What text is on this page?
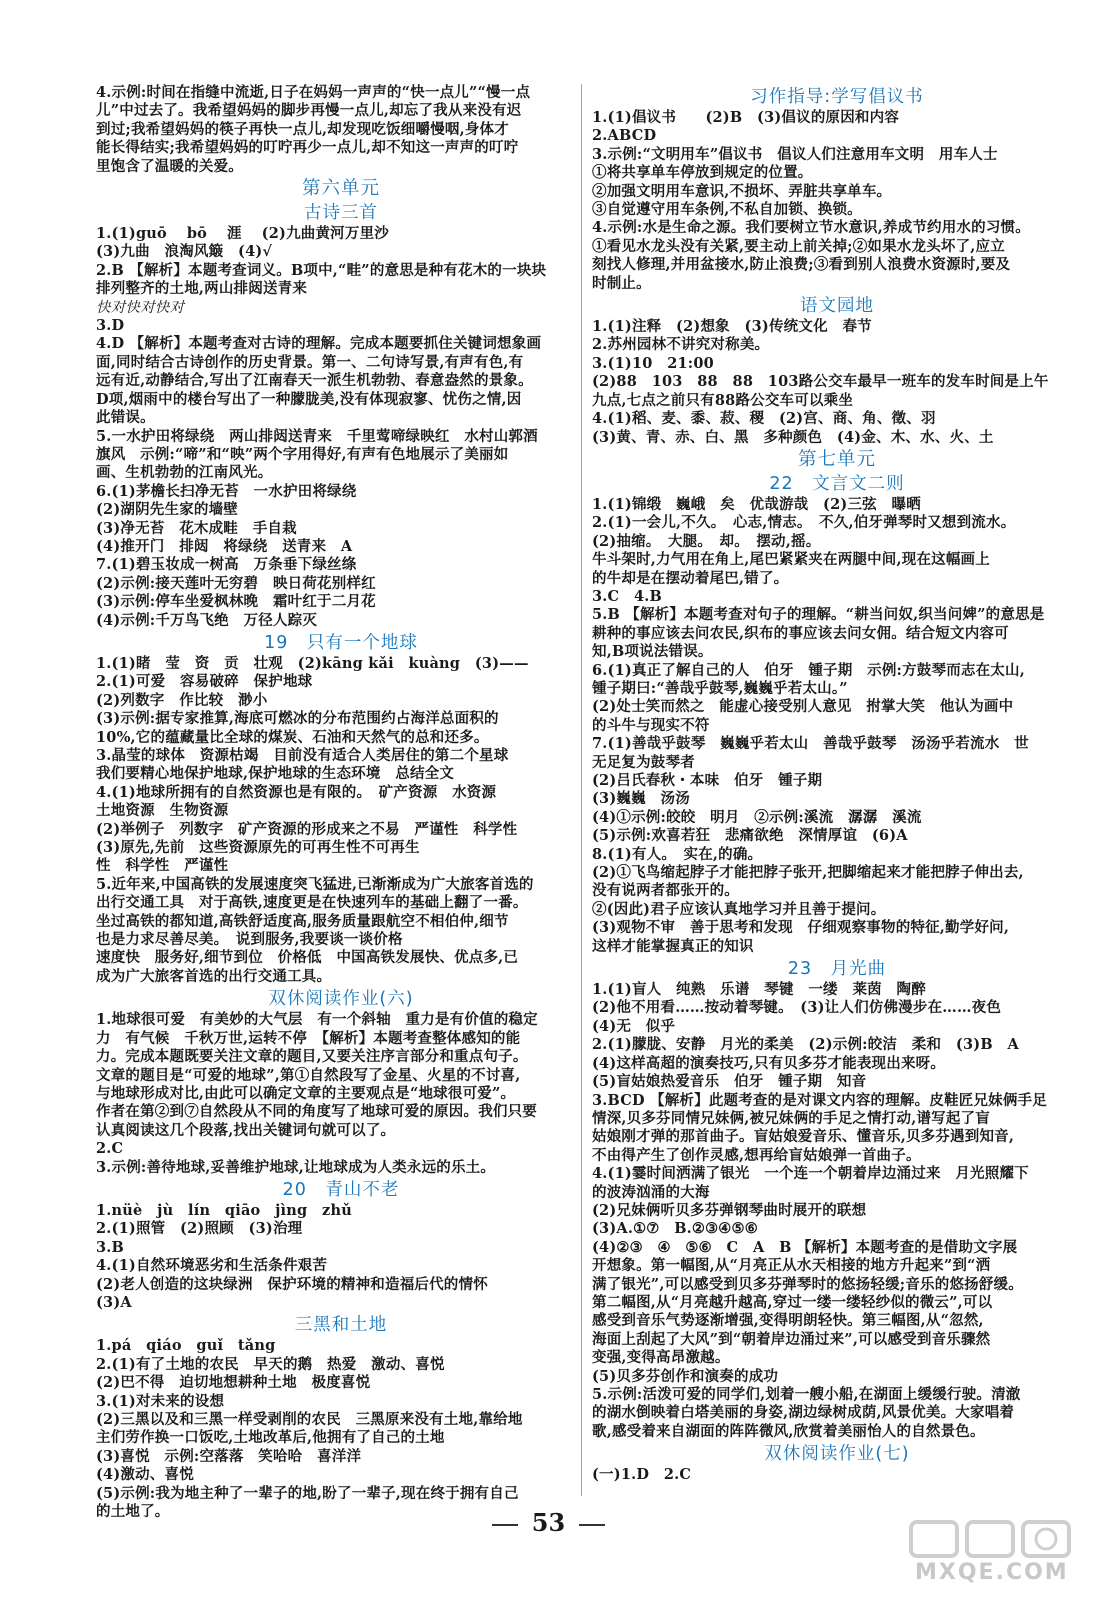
4.示例:时间在指缝中流逝,日子在妈妈一声声的“快一点儿”“慢一点
儿”中过去了。我希望妈妈的脚步再慢一点儿,却忘了我从来没有迟
到过;我希望妈妈的筷子再快一点儿,却发现吃饭细嚼慢咽,身体才
能长得结实;我希望妈妈的叮咛再少一点儿,却不知这一声声的叮咛
里饱含了温暖的关爱。
第六单元
古诗三首
1.(1)guō　 bō　 涯　 (2)九曲黄河万里沙
(3)九曲　浪淘风簸　(4)√
2.B 【解析】本题考查词义。B项中,“畦”的意思是种有花木的一块块
排列整齐的土地,两山排闼送青来
快对快对快对
3.D
4.D 【解析】本题考查对古诗的理解。完成本题要抓住关键词想象画
面,同时结合古诗创作的历史背景。第一、二句诗写景,有声有色,有
远有近,动静结合,写出了江南春天一派生机勃勃、春意盎然的景象。
D项,烟雨中的楼台写出了一种朦胧美,没有体现寂寥、忧伤之情,因
此错误。
5.一水护田将绿绕　两山排闼送青来　千里莺啼绿映红　水村山郭酒
旗风　示例:“啼”和“映”两个字用得好,有声有色地展示了美丽如
画、生机勃勃的江南风光。
6.(1)茅檐长扫净无苔　一水护田将绿绕
(2)湖阴先生家的墙壁
(3)净无苔　花木成畦　手自栽
(4)推开门　排闼　将绿绕　送青来　A
7.(1)碧玉妆成一树高　万条垂下绿丝绦
(2)示例:接天莲叶无穷碧　映日荷花别样红
(3)示例:停车坐爱枫林晚　霜叶红于二月花
(4)示例:千万鸟飞绝　万径人踪灭
19　只有一个地球
1.(1)睹　莹　资　贡　壮观　(2)kāng kǎi　kuàng　(3)——
2.(1)可爱　容易破碎　保护地球
(2)列数字　作比较　渺小
(3)示例:据专家推算,海底可燃冰的分布范围约占海洋总面积的
10%,它的蕴藏量比全球的煤炭、石油和天然气的总和还多。
3.晶莹的球体　资源枯竭　目前没有适合人类居住的第二个星球
我们要精心地保护地球,保护地球的生态环境　总结全文
4.(1)地球所拥有的自然资源也是有限的。　矿产资源　水资源
土地资源　生物资源
(2)举例子　列数字　矿产资源的形成来之不易　严谨性　科学性
(3)原先,先前　这些资源原先的可再生性不可再生
性　科学性　严谨性
5.近年来,中国高铁的发展速度突飞猛进,已渐渐成为广大旅客首选的
出行交通工具　对于高铁,速度更是在快速列车的基础上翻了一番。
坐过高铁的都知道,高铁舒适度高,服务质量跟航空不相伯仲,细节
也是力求尽善尽美。　说到服务,我要谈一谈价格
速度快　服务好,细节到位　价格低　中国高铁发展快、优点多,已
成为广大旅客首选的出行交通工具。
双休阅读作业(六)
1.地球很可爱　有美妙的大气层　有一个斜轴　重力是有价值的稳定
力　有气候　千秋万世,运转不停　【解析】本题考查整体感知的能
力。完成本题既要关注文章的题目,又要关注序言部分和重点句子。
文章的题目是“可爱的地球”,第①自然段写了金星、火星的不讨喜,
与地球形成对比,由此可以确定文章的主要观点是“地球很可爱”。
作者在第②到⑦自然段从不同的角度写了地球可爱的原因。我们只要
认真阅读这几个段落,找出关键词句就可以了。
2.C
3.示例:善待地球,妥善维护地球,让地球成为人类永远的乐土。
20　青山不老
1.nüè　jù　lín　qiāo　jìng　zhǔ
2.(1)照管　(2)照顾　(3)治理
3.B
4.(1)自然环境恶劣和生活条件艰苦
(2)老人创造的这块绿洲　保护环境的精神和造福后代的情怀
(3)A
三黑和土地
1.pá　qiáo　guǐ　tǎng
2.(1)有了土地的农民　早天的鹅　热爱　激动、喜悦
(2)巴不得　迫切地想耕种土地　极度喜悦
3.(1)对未来的设想
(2)三黑以及和三黑一样受剥削的农民　三黑原来没有土地,靠给地
主们劳作换一口饭吃,土地改革后,他拥有了自己的土地
(3)喜悦　示例:空落落　笑哈哈　喜洋洋
(4)激动、喜悦
(5)示例:我为地主种了一辈子的地,盼了一辈子,现在终于拥有自己
的土地了。
习作指导:学写倡议书
1.(1)倡议书　　(2)B　(3)倡议的原因和内容
2.ABCD
3.示例:“文明用车”倡议书　倡议人们注意用车文明　用车人士
①将共享单车停放到规定的位置。
②加强文明用车意识,不损坏、弄脏共享单车。
③自觉遵守用车条例,不私自加锁、换锁。
4.示例:水是生命之源。我们要树立节水意识,养成节约用水的习惯。
①看见水龙头没有关紧,要主动上前关掉;②如果水龙头坏了,应立
刻找人修理,并用盆接水,防止浪费;③看到别人浪费水资源时,要及
时制止。
语文园地
1.(1)注释　(2)想象　(3)传统文化　春节
2.苏州园林不讲究对称美。
3.(1)10　21:00
(2)88　103　88　88　103路公交车最早一班车的发车时间是上午
九点,七点之前只有88路公交车可以乘坐
4.(1)稻、麦、黍、菽、稷　(2)宫、商、角、徵、羽
(3)黄、青、赤、白、黑　多种颜色　(4)金、木、水、火、土
第七单元
22　文言文二则
1.(1)锦缎　巍峨　矣　优哉游哉　(2)三弦　曝晒
2.(1)一会儿,不久。　心志,情志。　不久,伯牙弹琴时又想到流水。
(2)抽缩。　大腿。　却。　摆动,摇。
牛斗架时,力气用在角上,尾巴紧紧夹在两腿中间,现在这幅画上
的牛却是在摆动着尾巴,错了。
3.C　4.B
5.B 【解析】本题考查对句子的理解。“耕当问奴,织当问婢”的意思是
耕种的事应该去问农民,织布的事应该去问女佣。结合短文内容可
知,B项说法错误。
6.(1)真正了解自己的人　伯牙　锺子期　示例:方鼓琴而志在太山,
锺子期曰:“善哉乎鼓琴,巍巍乎若太山。”
(2)处士笑而然之　能虚心接受别人意见　拊掌大笑　他认为画中
的斗牛与现实不符
7.(1)善哉乎鼓琴　巍巍乎若太山　善哉乎鼓琴　汤汤乎若流水　世
无足复为鼓琴者
(2)吕氏春秋・本味　伯牙　锺子期
(3)巍巍　汤汤
(4)①示例:皎皎　明月　②示例:溪流　潺潺　溪流
(5)示例:欢喜若狂　悲痛欲绝　深情厚谊　(6)A
8.(1)有人。　实在,的确。
(2)①飞鸟缩起脖子才能把脖子张开,把脚缩起来才能把脖子伸出去,
没有说两者都张开的。
②(因此)君子应该认真地学习并且善于提问。
(3)观物不审　善于思考和发现　仔细观察事物的特征,勤学好问,
这样才能掌握真正的知识
23　月光曲
1.(1)盲人　纯熟　乐谱　琴键　一缕　莱茵　陶醉
(2)他不用看……按动着琴键。　(3)让人们仿佛漫步在……夜色
(4)无　似乎
2.(1)朦胧、安静　月光的柔美　(2)示例:皎洁　柔和　(3)B　A
(4)这样高超的演奏技巧,只有贝多芬才能表现出来呀。
(5)盲姑娘热爱音乐　伯牙　锺子期　知音
3.BCD 【解析】此题考查的是对课文内容的理解。皮鞋匠兄妹俩手足
情深,贝多芬同情兄妹俩,被兄妹俩的手足之情打动,谱写起了盲
姑娘刚才弹的那首曲子。盲姑娘爱音乐、懂音乐,贝多芬遇到知音,
不由得产生了创作灵感,想再给盲姑娘弹一首曲子。
4.(1)霎时间洒满了银光　一个连一个朝着岸边涌过来　月光照耀下
的波涛汹涌的大海
(2)兄妹俩听贝多芬弹钢琴曲时展开的联想
(3)A.①⑦　B.②③④⑤⑥
(4)②③　④　⑤⑥　C　A　B 【解析】本题考查的是借助文字展
开想象。第一幅图,从“月亮正从水天相接的地方升起来”到“洒
满了银光”,可以感受到贝多芬弹琴时的悠扬轻缓;音乐的悠扬舒缓。
第二幅图,从“月亮越升越高,穿过一缕一缕轻纱似的微云”,可以
感受到音乐气势逐渐增强,变得明朗轻快。第三幅图,从“忽然,
海面上刮起了大风”到“朝着岸边涌过来”,可以感受到音乐骤然
变强,变得高昂激越。
(5)贝多芬创作和演奏的成功
5.示例:活泼可爱的同学们,划着一艘小船,在湖面上缓缓行驶。清澈
的湖水倒映着白塔美丽的身姿,湖边绿树成荫,风景优美。大家唱着
歌,感受着来自湖面的阵阵微风,欣赏着美丽怡人的自然景色。
双休阅读作业(七)
(一)1.D　2.C
53
MXQE.COM
